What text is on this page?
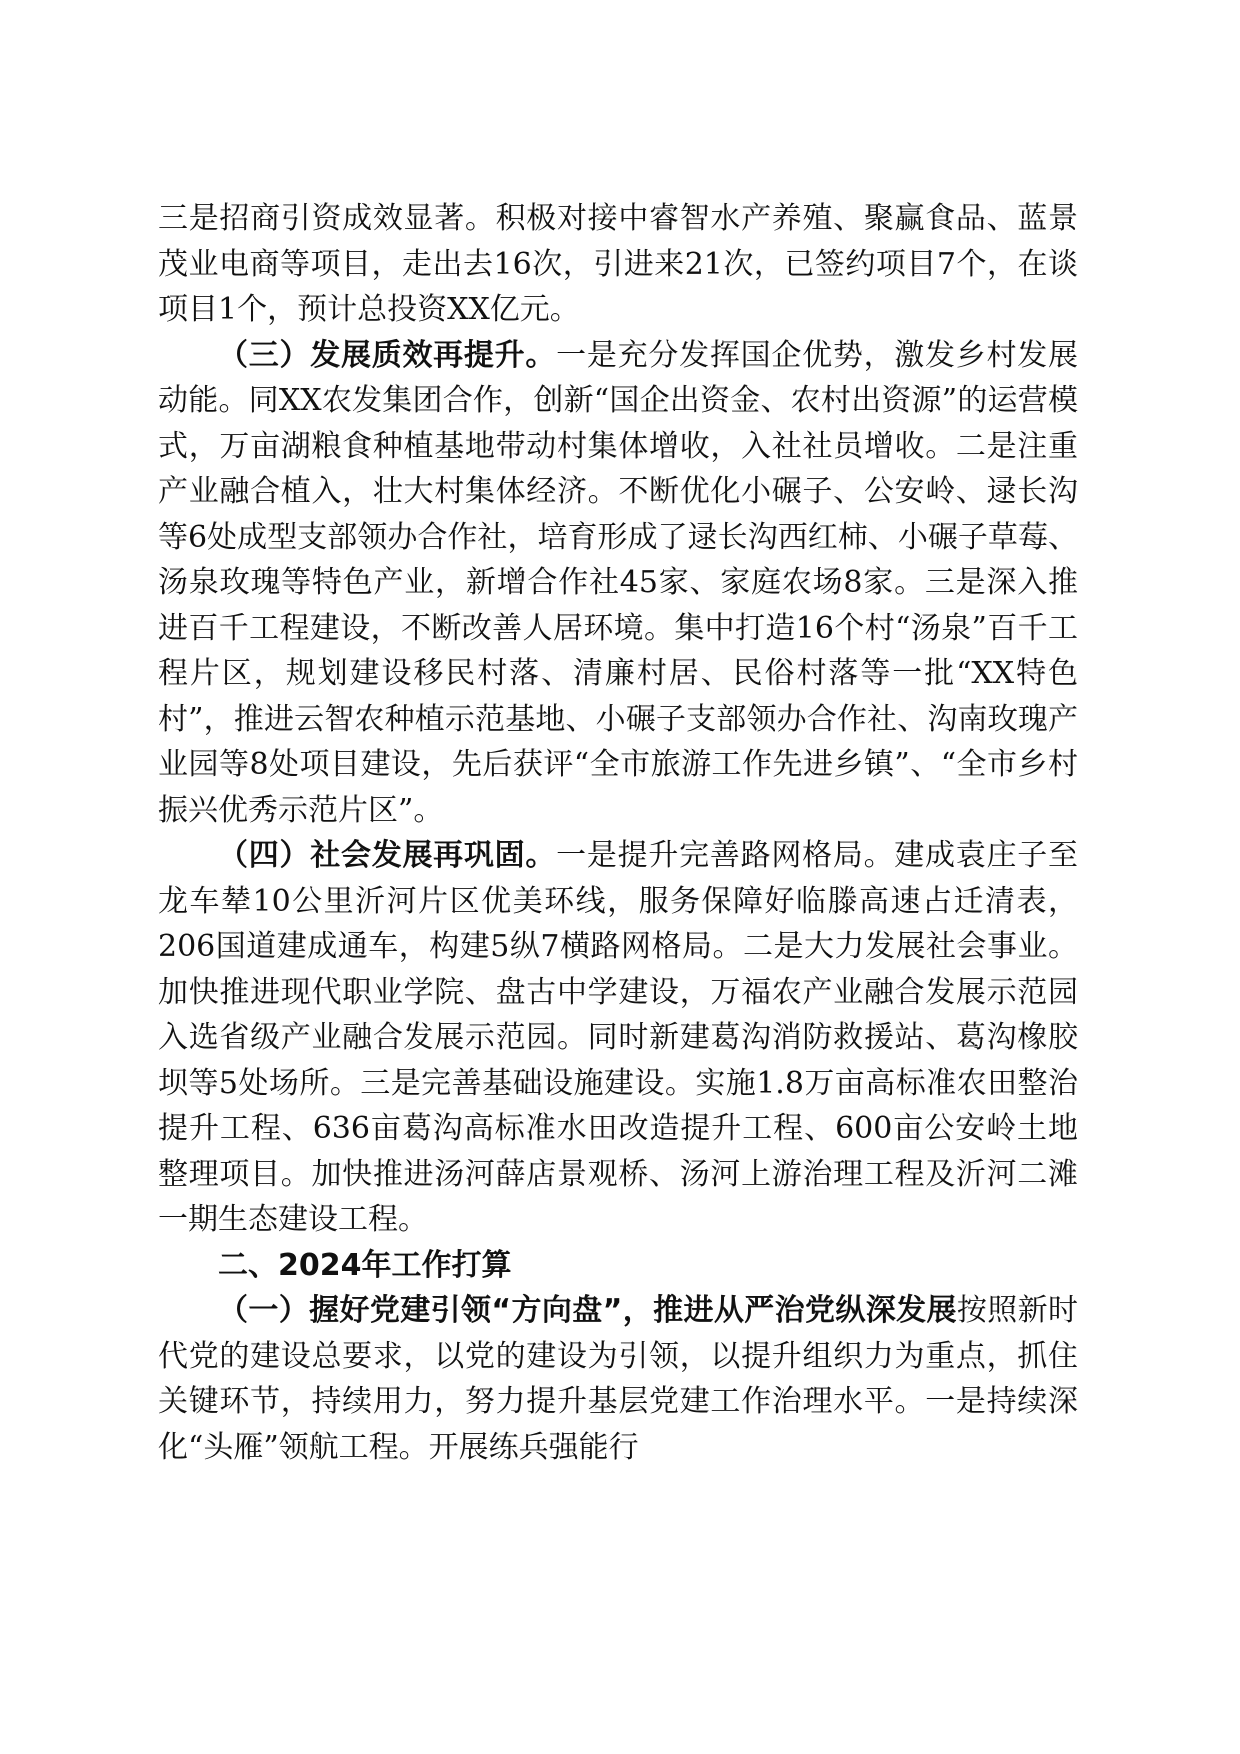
三是招商引资成效显著。积极对接中睿智水产养殖、聚赢食品、蓝景茂业电商等项目，走出去16次，引进来21次，已签约项目7个，在谈项目1个，预计总投资XX亿元。

（三）发展质效再提升。一是充分发挥国企优势，激发乡村发展动能。同XX农发集团合作，创新“国企出资金、农村出资源”的运营模式，万亩湖粮食种植基地带动村集体增收，入社社员增收。二是注重产业融合植入，壮大村集体经济。不断优化小碾子、公安岭、逯长沟等6处成型支部领办合作社，培育形成了逯长沟西红柿、小碾子草莓、汤泉玫瑰等特色产业，新增合作社45家、家庭农场8家。三是深入推进百千工程建设，不断改善人居环境。集中打造16个村“汤泉”百千工程片区，规划建设移民村落、清廉村居、民俗村落等一批“XX特色村”，推进云智农种植示范基地、小碾子支部领办合作社、沟南玫瑰产业园等8处项目建设，先后获评“全市旅游工作先进乡镇”、“全市乡村振兴优秀示范片区”。

（四）社会发展再巩固。一是提升完善路网格局。建成袁庄子至龙车辇10公里沂河片区优美环线，服务保障好临滕高速占迁清表，206国道建成通车，构建5纵7横路网格局。二是大力发展社会事业。加快推进现代职业学院、盘古中学建设，万福农产业融合发展示范园入选省级产业融合发展示范园。同时新建葛沟消防救援站、葛沟橡胶坝等5处场所。三是完善基础设施建设。实施1.8万亩高标准农田整治提升工程、636亩葛沟高标准水田改造提升工程、600亩公安岭土地整理项目。加快推进汤河薛店景观桥、汤河上游治理工程及沂河二滩一期生态建设工程。

二、2024年工作打算

（一）握好党建引领“方向盘”，推进从严治党纵深发展按照新时代党的建设总要求，以党的建设为引领，以提升组织力为重点，抓住关键环节，持续用力，努力提升基层党建工作治理水平。一是持续深化“头雁”领航工程。开展练兵强能行
